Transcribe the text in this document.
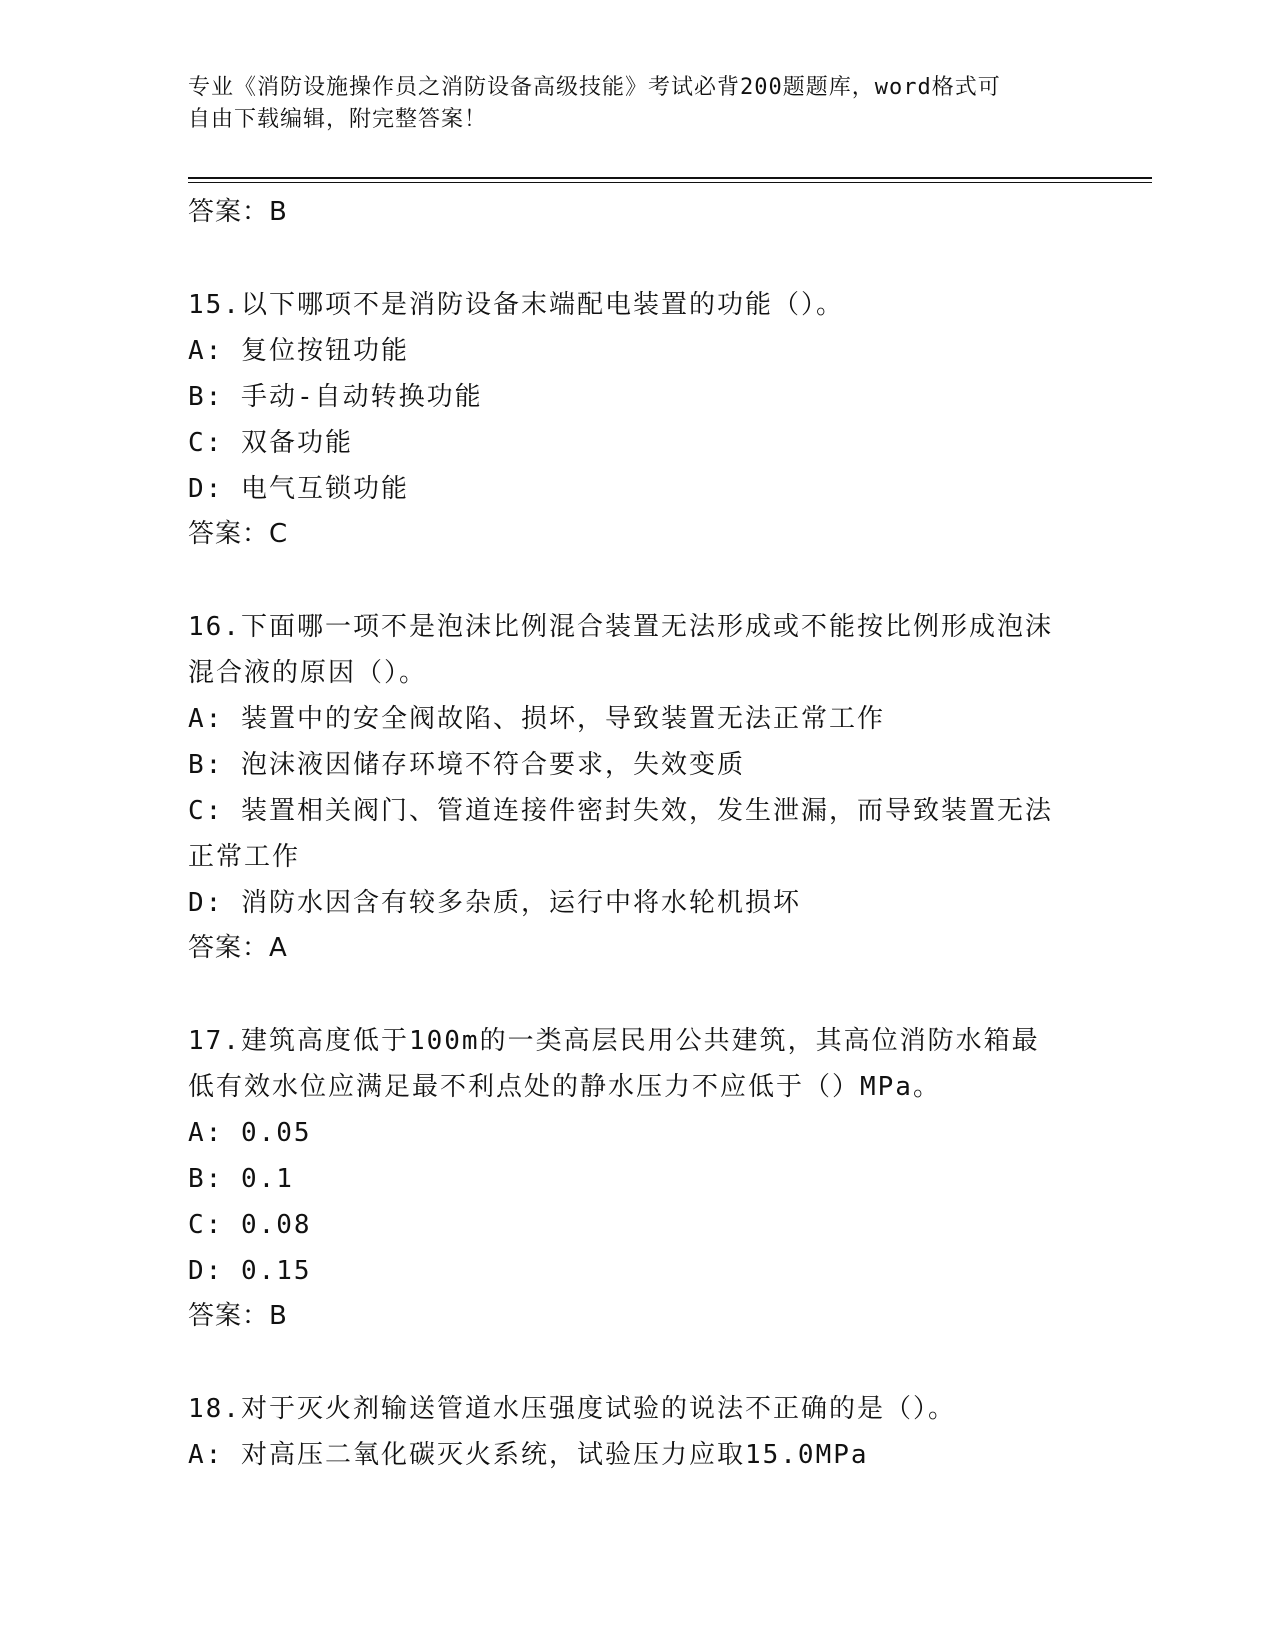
专业《消防设施操作员之消防设备高级技能》考试必背200题题库，word格式可
自由下载编辑，附完整答案！
答案：B
15.以下哪项不是消防设备末端配电装置的功能（）。
A: 复位按钮功能
B: 手动-自动转换功能
C: 双备功能
D: 电气互锁功能
答案：C
16.下面哪一项不是泡沫比例混合装置无法形成或不能按比例形成泡沫
混合液的原因（）。
A: 装置中的安全阀故陷、损坏，导致装置无法正常工作
B: 泡沫液因储存环境不符合要求，失效变质
C: 装置相关阀门、管道连接件密封失效，发生泄漏，而导致装置无法
正常工作
D: 消防水因含有较多杂质，运行中将水轮机损坏
答案：A
17.建筑高度低于100m的一类高层民用公共建筑，其高位消防水箱最
低有效水位应满足最不利点处的静水压力不应低于（）MPa。
A: 0.05
B: 0.1
C: 0.08
D: 0.15
答案：B
18.对于灭火剂输送管道水压强度试验的说法不正确的是（）。
A: 对高压二氧化碳灭火系统，试验压力应取15.0MPa
